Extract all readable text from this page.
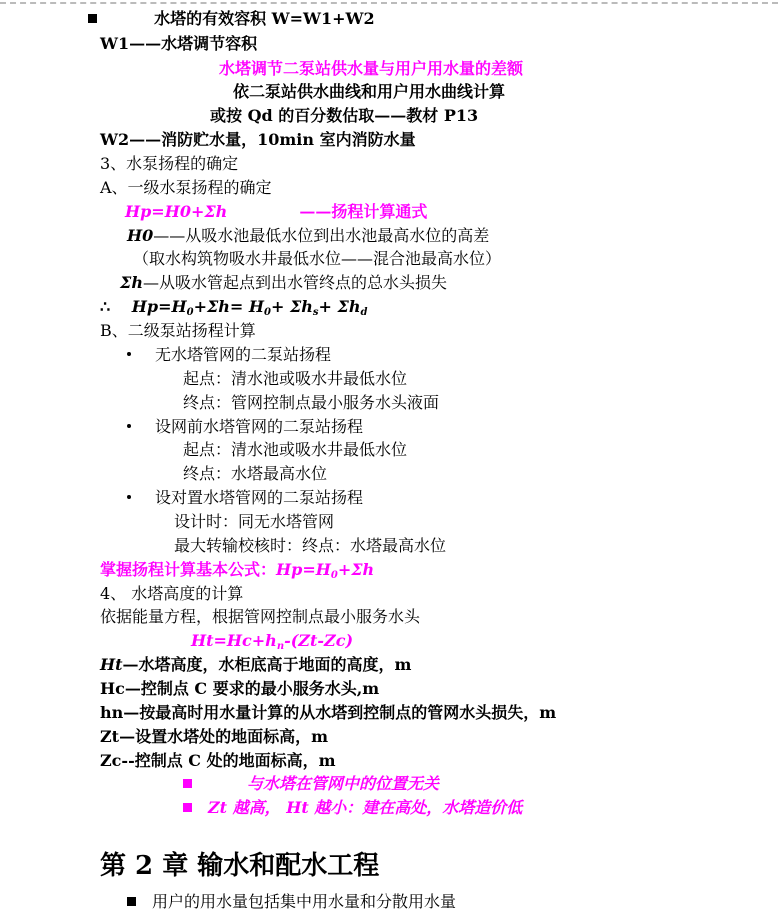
水塔的有效容积 W=W1+W2
W1——水塔调节容积
水塔调节二泵站供水量与用户用水量的差额
依二泵站供水曲线和用户用水曲线计算
或按 Qd 的百分数估取——教材 P13
W2——消防贮水量，10min 室内消防水量
3、水泵扬程的确定
A、一级水泵扬程的确定
Hp=H0+Σh	——扬程计算通式
H0——从吸水池最低水位到出水池最高水位的高差
（取水构筑物吸水井最低水位——混合池最高水位）
Σh—从吸水管起点到出水管终点的总水头损失
∴ $Hp=H_0+\Sigma h= H_0+ \Sigma h_s+ \Sigma h_d$
B、二级泵站扬程计算
无水塔管网的二泵站扬程
起点：清水池或吸水井最低水位
终点：管网控制点最小服务水头液面
设网前水塔管网的二泵站扬程
起点：清水池或吸水井最低水位
终点：水塔最高水位
设对置水塔管网的二泵站扬程
设计时：同无水塔管网
最大转输校核时：终点：水塔最高水位
掌握扬程计算基本公式：$Hp=H_0+\Sigma h$
4、 水塔高度的计算
依据能量方程，根据管网控制点最小服务水头
$Ht=Hc+h_n-(Zt-Zc)$
Ht—水塔高度，水柜底高于地面的高度，m
Hc—控制点 C 要求的最小服务水头,m
hn—按最高时用水量计算的从水塔到控制点的管网水头损失，m
Zt—设置水塔处的地面标高，m
Zc--控制点 C 处的地面标高，m
与水塔在管网中的位置无关
Zt 越高， Ht 越小：建在高处，水塔造价低
第 2 章 输水和配水工程
用户的用水量包括集中用水量和分散用水量
